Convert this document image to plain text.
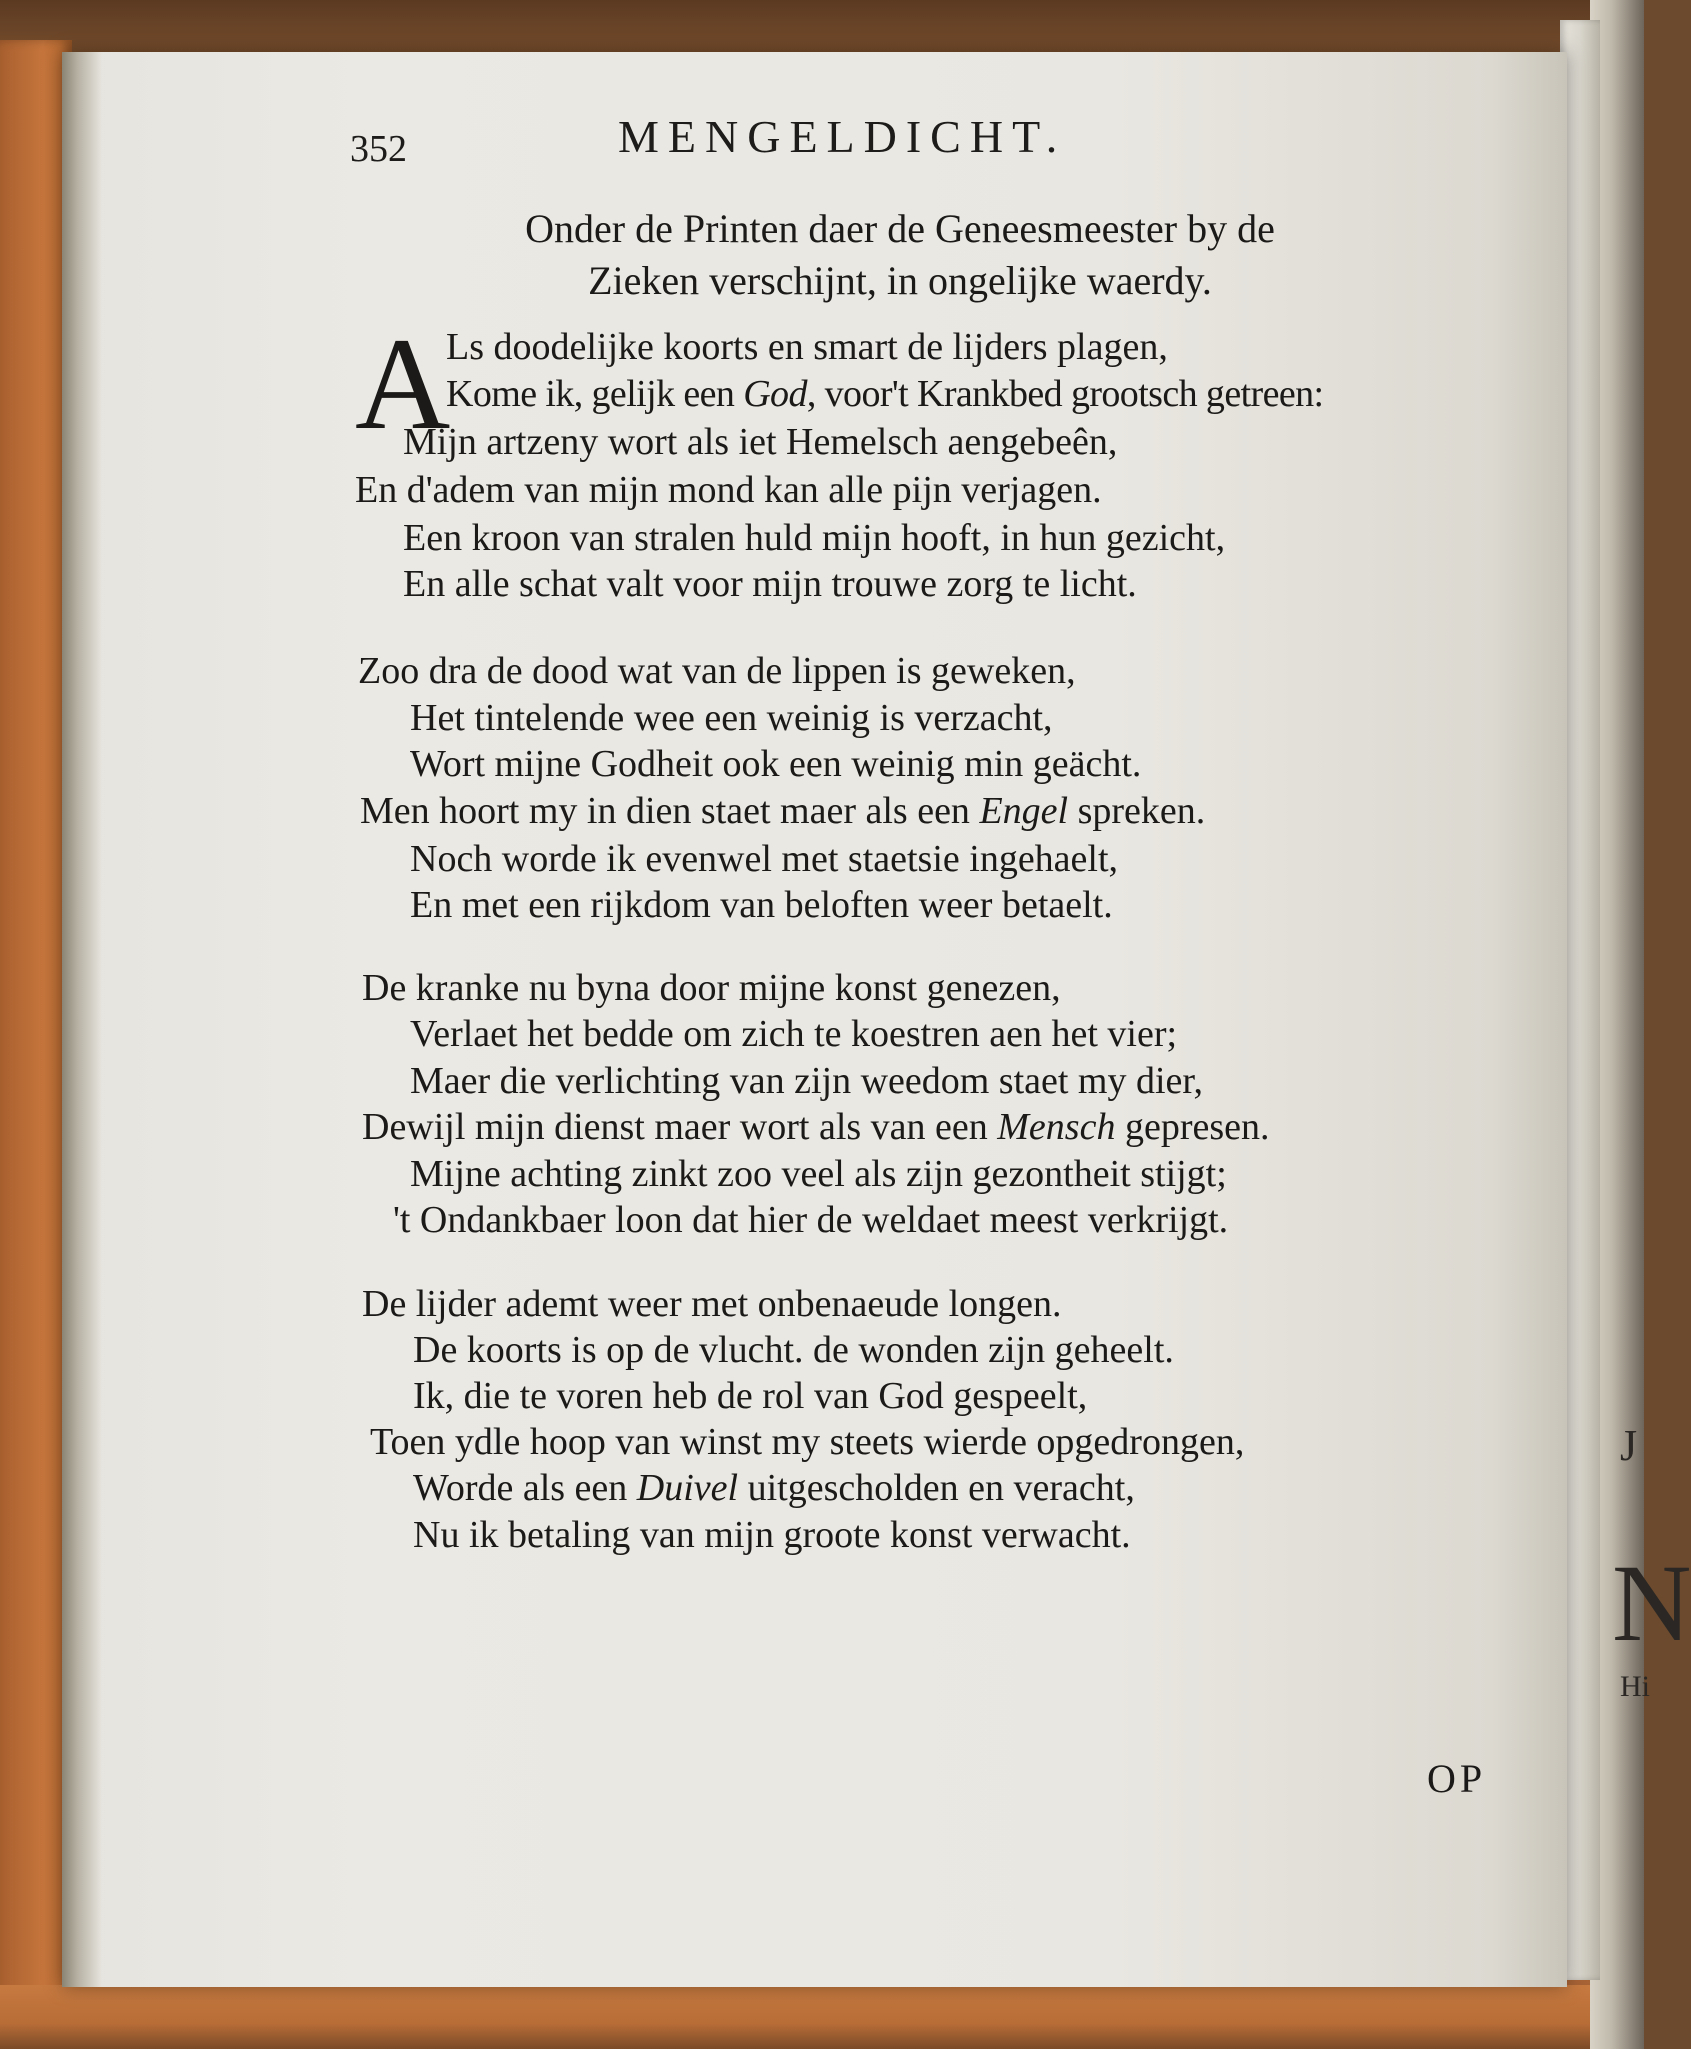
J
N
Hi
352	MENGELDICHT.
Onder de Printen daer de Geneesmeester by de
Zieken verschijnt, in ongelijke waerdy.
A
Ls doodelijke koorts en smart de lijders plagen,
Kome ik, gelijk een God, voor't Krankbed grootsch getreen:
Mijn artzeny wort als iet Hemelsch aengebeên,
En d'adem van mijn mond kan alle pijn verjagen.
Een kroon van stralen huld mijn hooft, in hun gezicht,
En alle schat valt voor mijn trouwe zorg te licht.
Zoo dra de dood wat van de lippen is geweken,
Het tintelende wee een weinig is verzacht,
Wort mijne Godheit ook een weinig min geächt.
Men hoort my in dien staet maer als een Engel spreken.
Noch worde ik evenwel met staetsie ingehaelt,
En met een rijkdom van beloften weer betaelt.
De kranke nu byna door mijne konst genezen,
Verlaet het bedde om zich te koestren aen het vier;
Maer die verlichting van zijn weedom staet my dier,
Dewijl mijn dienst maer wort als van een Mensch gepresen.
Mijne achting zinkt zoo veel als zijn gezontheit stijgt;
't Ondankbaer loon dat hier de weldaet meest verkrijgt.
De lijder ademt weer met onbenaeude longen.
De koorts is op de vlucht. de wonden zijn geheelt.
Ik, die te voren heb de rol van God gespeelt,
Toen ydle hoop van winst my steets wierde opgedrongen,
Worde als een Duivel uitgescholden en veracht,
Nu ik betaling van mijn groote konst verwacht.
OP
